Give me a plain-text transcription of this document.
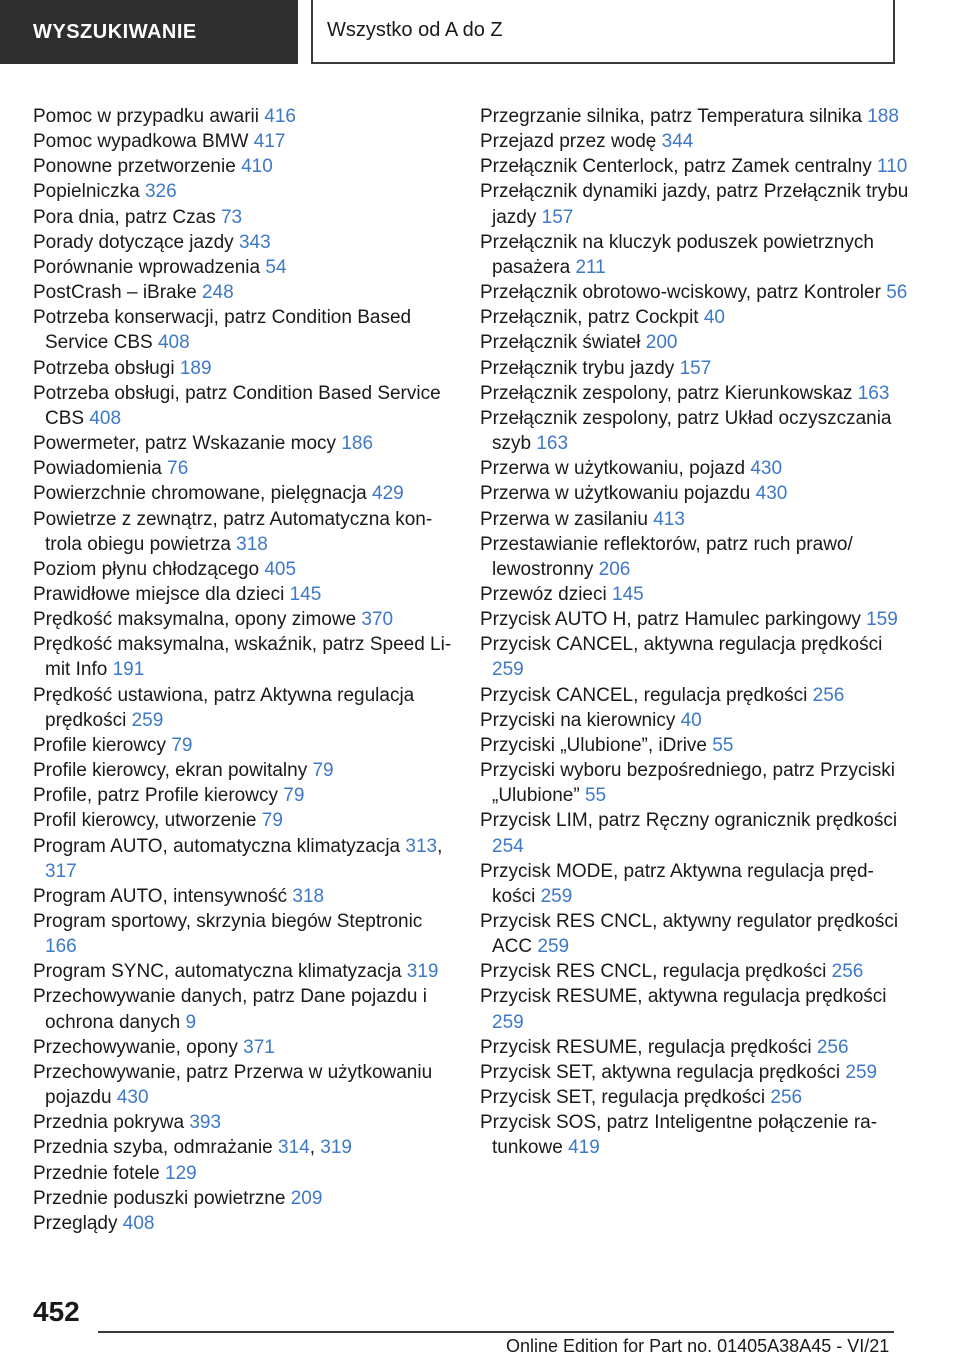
WYSZUKIWANIE	Wszystko od A do Z
Pomoc w przypadku awarii 416
Pomoc wypadkowa BMW 417
Ponowne przetworzenie 410
Popielniczka 326
Pora dnia, patrz Czas 73
Porady dotyczące jazdy 343
Porównanie wprowadzenia 54
PostCrash – iBrake 248
Potrzeba konserwacji, patrz Condition Based Service CBS 408
Potrzeba obsługi 189
Potrzeba obsługi, patrz Condition Based Service CBS 408
Powermeter, patrz Wskazanie mocy 186
Powiadomienia 76
Powierzchnie chromowane, pielęgnacja 429
Powietrze z zewnątrz, patrz Automatyczna kontrola obiegu powietrza 318
Poziom płynu chłodzącego 405
Prawidłowe miejsce dla dzieci 145
Prędkość maksymalna, opony zimowe 370
Prędkość maksymalna, wskaźnik, patrz Speed Limit Info 191
Prędkość ustawiona, patrz Aktywna regulacja prędkości 259
Profile kierowcy 79
Profile kierowcy, ekran powitalny 79
Profile, patrz Profile kierowcy 79
Profil kierowcy, utworzenie 79
Program AUTO, automatyczna klimatyzacja 313, 317
Program AUTO, intensywność 318
Program sportowy, skrzynia biegów Steptronic 166
Program SYNC, automatyczna klimatyzacja 319
Przechowywanie danych, patrz Dane pojazdu i ochrona danych 9
Przechowywanie, opony 371
Przechowywanie, patrz Przerwa w użytkowaniu pojazdu 430
Przednia pokrywa 393
Przednia szyba, odmrażanie 314, 319
Przednie fotele 129
Przednie poduszki powietrzne 209
Przeglądy 408
Przegrzanie silnika, patrz Temperatura silnika 188
Przejazd przez wodę 344
Przełącznik Centerlock, patrz Zamek centralny 110
Przełącznik dynamiki jazdy, patrz Przełącznik trybu jazdy 157
Przełącznik na kluczyk poduszek powietrznych pasażera 211
Przełącznik obrotowo-wciskowy, patrz Kontroler 56
Przełącznik, patrz Cockpit 40
Przełącznik świateł 200
Przełącznik trybu jazdy 157
Przełącznik zespolony, patrz Kierunkowskaz 163
Przełącznik zespolony, patrz Układ oczyszczania szyb 163
Przerwa w użytkowaniu, pojazd 430
Przerwa w użytkowaniu pojazdu 430
Przerwa w zasilaniu 413
Przestawianie reflektorów, patrz ruch prawo/ lewostronny 206
Przewóz dzieci 145
Przycisk AUTO H, patrz Hamulec parkingowy 159
Przycisk CANCEL, aktywna regulacja prędkości 259
Przycisk CANCEL, regulacja prędkości 256
Przyciski na kierownicy 40
Przyciski „Ulubione”, iDrive 55
Przyciski wyboru bezpośredniego, patrz Przyciski „Ulubione” 55
Przycisk LIM, patrz Ręczny ogranicznik prędkości 254
Przycisk MODE, patrz Aktywna regulacja prędkości 259
Przycisk RES CNCL, aktywny regulator prędkości ACC 259
Przycisk RES CNCL, regulacja prędkości 256
Przycisk RESUME, aktywna regulacja prędkości 259
Przycisk RESUME, regulacja prędkości 256
Przycisk SET, aktywna regulacja prędkości 259
Przycisk SET, regulacja prędkości 256
Przycisk SOS, patrz Inteligentne połączenie ratunkowe 419
452
Online Edition for Part no. 01405A38A45 - VI/21
